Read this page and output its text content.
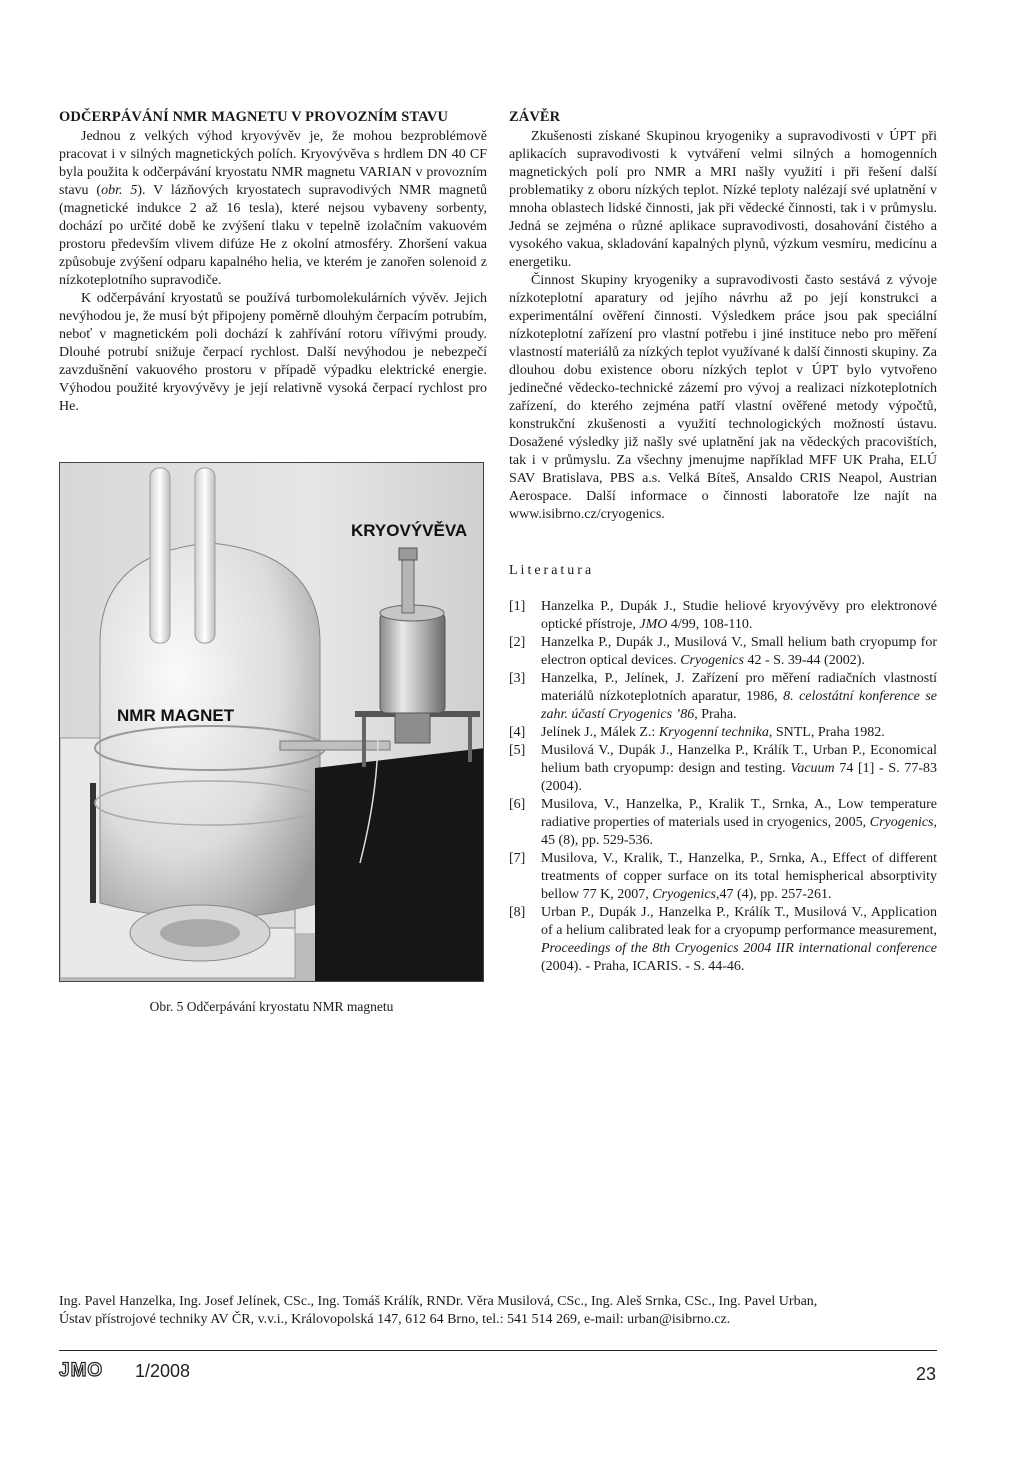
ODČERPÁVÁNÍ NMR MAGNETU V PROVOZNÍM STAVU

Jednou z velkých výhod kryovývěv je, že mohou bezproblémově pracovat i v silných magnetických polích. Kryovývěva s hrdlem DN 40 CF byla použita k odčerpávání kryostatu NMR magnetu VARIAN v provozním stavu (obr. 5). V lázňových kryostatech supravodivých NMR magnetů (magnetické indukce 2 až 16 tesla), které nejsou vybaveny sorbenty, dochází po určité době ke zvýšení tlaku v tepelně izolačním vakuovém prostoru především vlivem difúze He z okolní atmosféry. Zhoršení vakua způsobuje zvýšení odparu kapalného helia, ve kterém je zanořen solenoid z nízkoteplotního supravodiče.

K odčerpávání kryostatů se používá turbomolekulárních vývěv. Jejich nevýhodou je, že musí být připojeny poměrně dlouhým čerpacím potrubím, neboť v magnetickém poli dochází k zahřívání rotoru vířivými proudy. Dlouhé potrubí snižuje čerpací rychlost. Další nevýhodou je nebezpečí zavzdušnění vakuového prostoru v případě výpadku elektrické energie. Výhodou použité kryovývěvy je její relativně vysoká čerpací rychlost pro He.

KRYOVÝVĚVA
NMR MAGNET
Obr. 5 Odčerpávání kryostatu NMR magnetu
ZÁVĚR

Zkušenosti získané Skupinou kryogeniky a supravodivosti v ÚPT při aplikacích supravodivosti k vytváření velmi silných a homogenních magnetických polí pro NMR a MRI našly využití i při řešení další problematiky z oboru nízkých teplot. Nízké teploty nalézají své uplatnění v mnoha oblastech lidské činnosti, jak při vědecké činnosti, tak i v průmyslu. Jedná se zejména o různé aplikace supravodivosti, dosahování čistého a vysokého vakua, skladování kapalných plynů, výzkum vesmíru, medicínu a energetiku.

Činnost Skupiny kryogeniky a supravodivosti často sestává z vývoje nízkoteplotní aparatury od jejího návrhu až po její konstrukci a experimentální ověření činnosti. Výsledkem práce jsou pak speciální nízkoteplotní zařízení pro vlastní potřebu i jiné instituce nebo pro měření vlastností materiálů za nízkých teplot využívané k další činnosti skupiny. Za dlouhou dobu existence oboru nízkých teplot v ÚPT bylo vytvořeno jedinečné vědecko-technické zázemí pro vývoj a realizaci nízkoteplotních zařízení, do kterého zejména patří vlastní ověřené metody výpočtů, konstrukční zkušenosti a využití technologických možností ústavu. Dosažené výsledky již našly své uplatnění jak na vědeckých pracovištích, tak i v průmyslu. Za všechny jmenujme například MFF UK Praha, ELÚ SAV Bratislava, PBS a.s. Velká Bíteš, Ansaldo CRIS Neapol, Austrian Aerospace. Další informace o činnosti laboratoře lze najít na www.isibrno.cz/cryogenics.

Literatura
[1] Hanzelka P., Dupák J., Studie heliové kryovývěvy pro elektronové optické přístroje, JMO 4/99, 108-110.
[2] Hanzelka P., Dupák J., Musilová V., Small helium bath cryopump for electron optical devices. Cryogenics 42 - S. 39-44 (2002).
[3] Hanzelka, P., Jelínek, J. Zařízení pro měření radiačních vlastností materiálů nízkoteplotních aparatur, 1986, 8. celostátní konference se zahr. účastí Cryogenics ’86, Praha.
[4] Jelínek J., Málek Z.: Kryogenní technika, SNTL, Praha 1982.
[5] Musilová V., Dupák J., Hanzelka P., Králík T., Urban P., Economical helium bath cryopump: design and testing. Vacuum 74 [1] - S. 77-83 (2004).
[6] Musilova, V., Hanzelka, P., Kralik T., Srnka, A., Low temperature radiative properties of materials used in cryogenics, 2005, Cryogenics, 45 (8), pp. 529-536.
[7] Musilova, V., Kralik, T., Hanzelka, P., Srnka, A., Effect of different treatments of copper surface on its total hemispherical absorptivity bellow 77 K, 2007, Cryogenics,47 (4), pp. 257-261.
[8] Urban P., Dupák J., Hanzelka P., Králík T., Musilová V., Application of a helium calibrated leak for a cryopump performance measurement, Proceedings of the 8th Cryogenics 2004 IIR international conference (2004). - Praha, ICARIS. - S. 44-46.
Ing. Pavel Hanzelka, Ing. Josef Jelínek, CSc., Ing. Tomáš Králík, RNDr. Věra Musilová, CSc., Ing. Aleš Srnka, CSc., Ing. Pavel Urban,
Ústav přístrojové techniky AV ČR, v.v.i., Královopolská 147, 612 64 Brno, tel.: 541 514 269, e-mail: urban@isibrno.cz.
JMO 1/2008	23
